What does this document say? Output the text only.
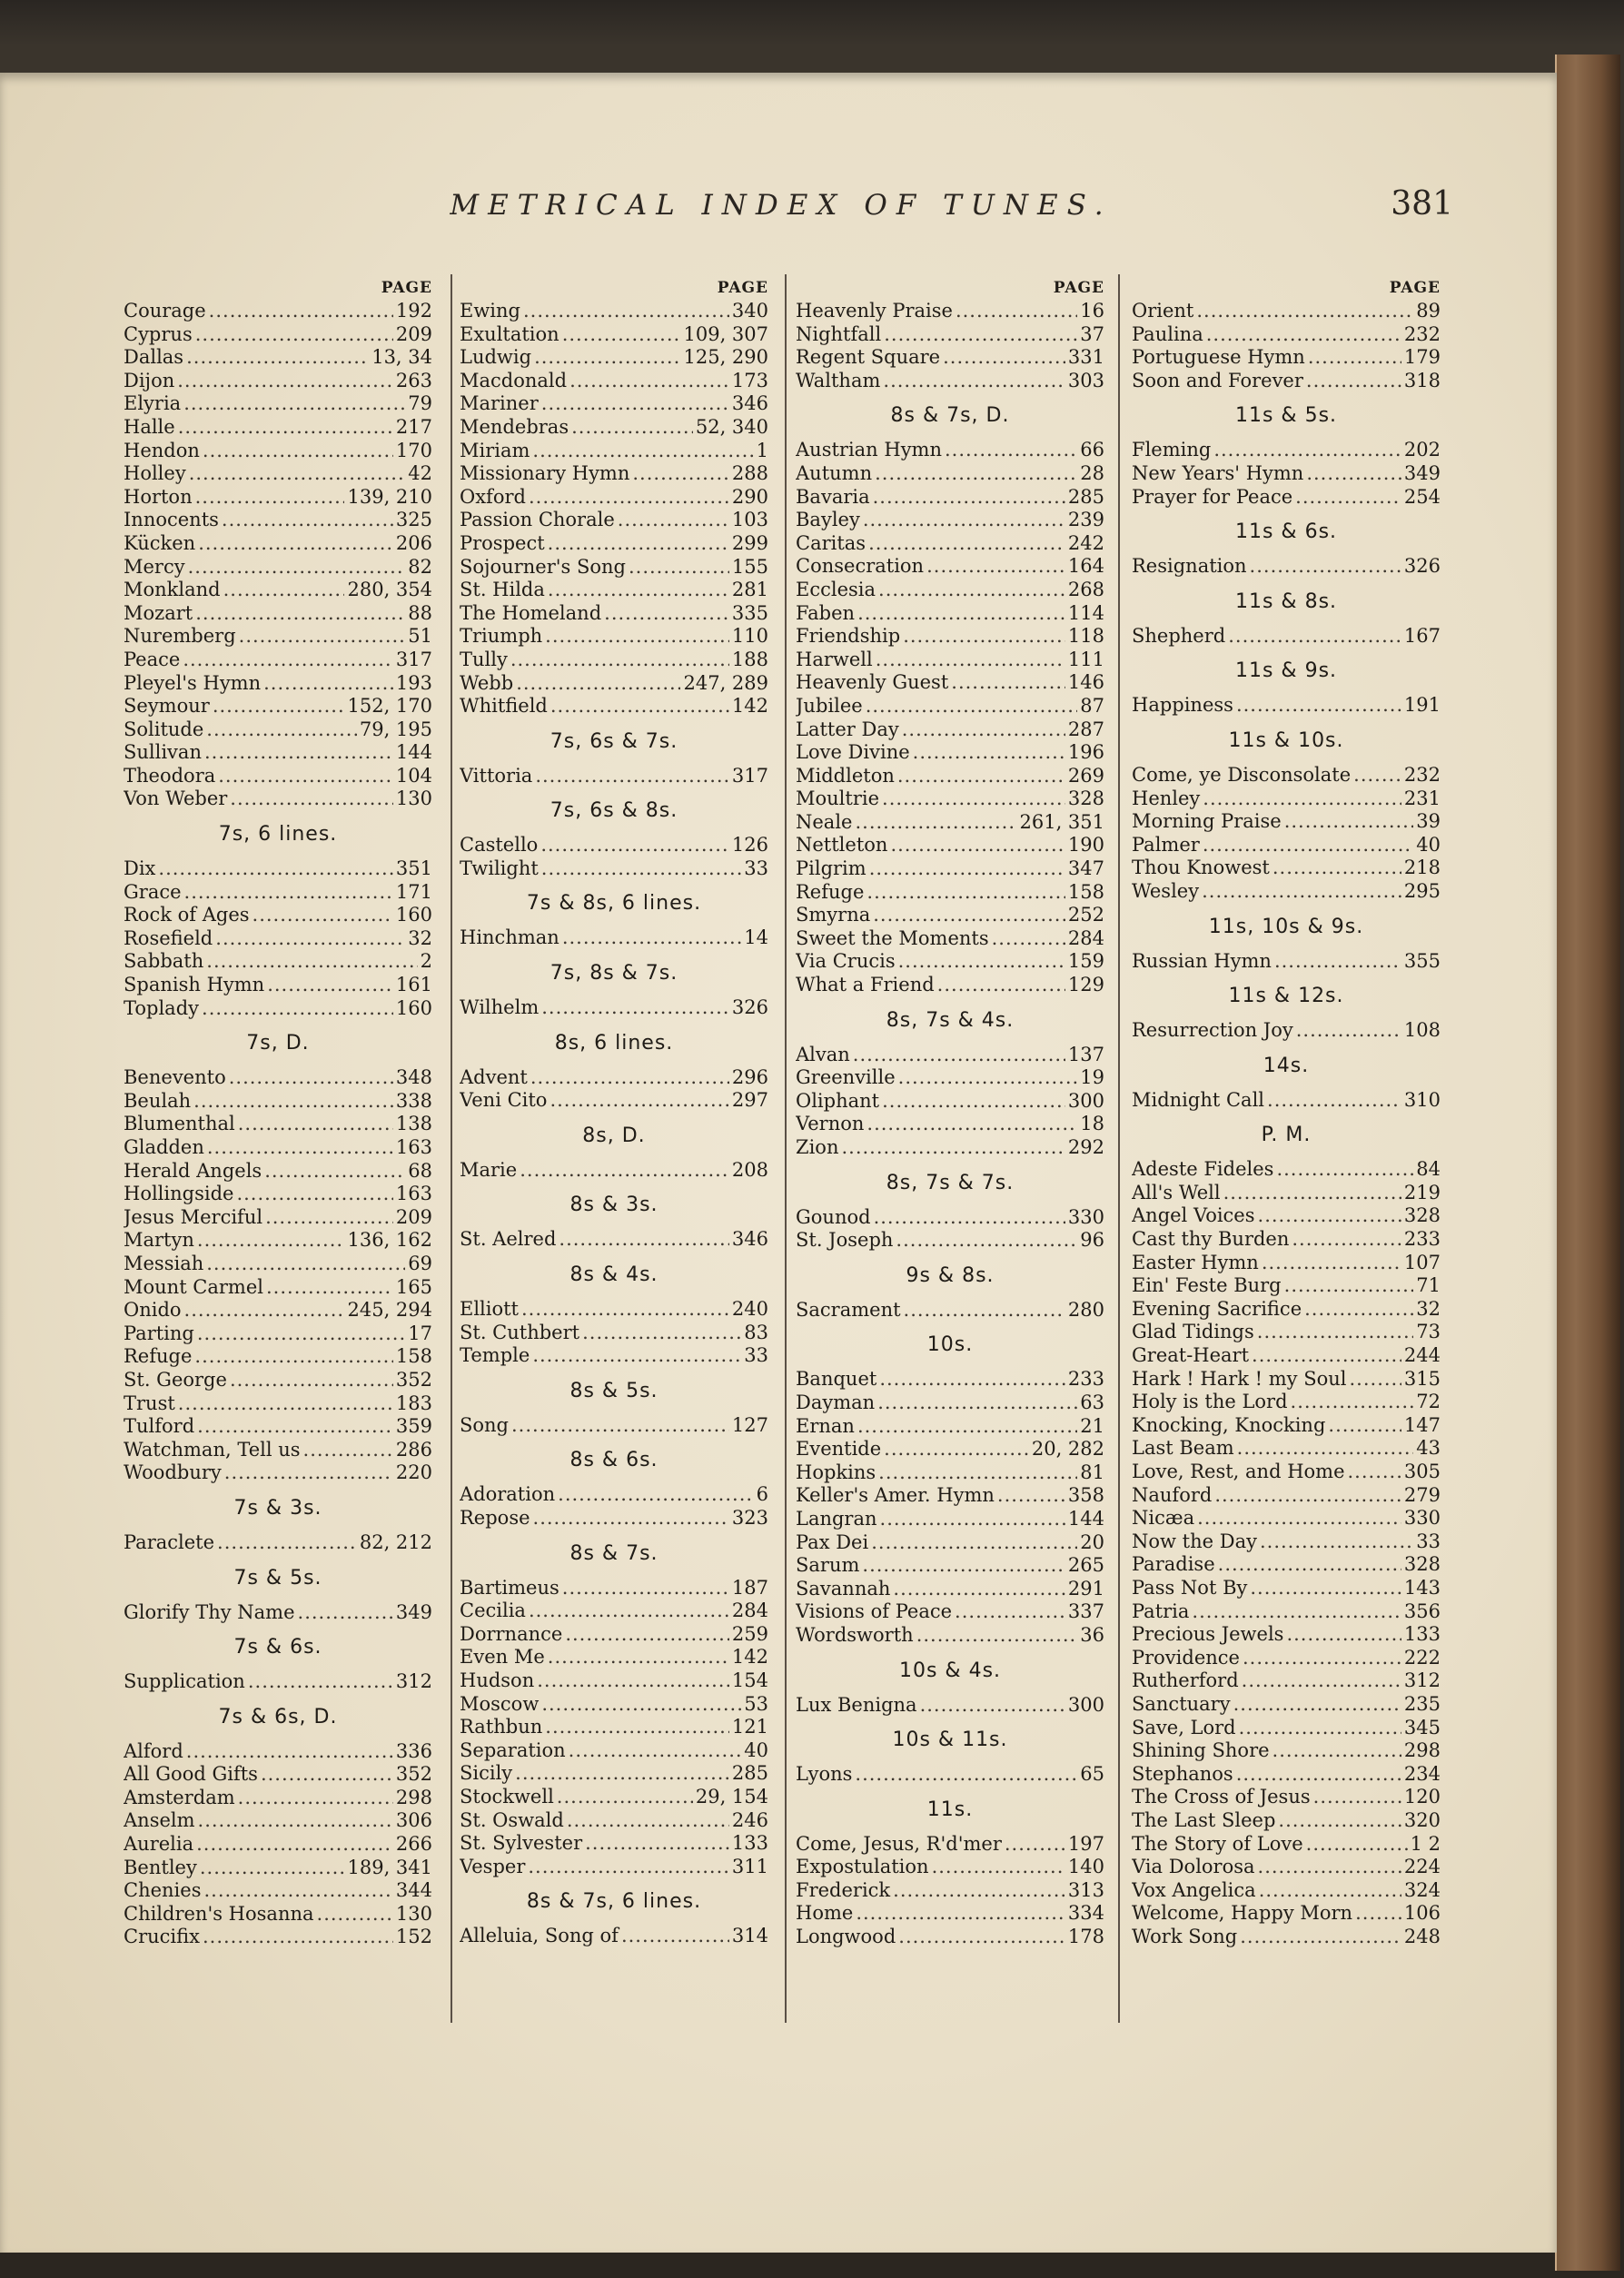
METRICAL INDEX OF TUNES.	381
PAGE
Courage .....	192
Cyprus .....	209
Dallas .....	13, 34
Dijon .....	263
Elyria .....	79
Halle .....	217
Hendon .....	170
Holley .....	42
Horton .....	139, 210
Innocents .....	325
Kücken .....	206
Mercy .....	82
Monkland .....	280, 354
Mozart .....	88
Nuremberg .....	51
Peace .....	317
Pleyel's Hymn .....	193
Seymour .....	152, 170
Solitude .....	79, 195
Sullivan .....	144
Theodora .....	104
Von Weber .....	130
7s, 6 lines.
Dix .....	351
Grace .....	171
Rock of Ages .....	160
Rosefield .....	32
Sabbath .....	2
Spanish Hymn .....	161
Toplady .....	160
7s, D.
Benevento .....	348
Beulah .....	338
Blumenthal .....	138
Gladden .....	163
Herald Angels .....	68
Hollingside .....	163
Jesus Merciful .....	209
Martyn .....	136, 162
Messiah .....	69
Mount Carmel .....	165
Onido .....	245, 294
Parting .....	17
Refuge .....	158
St. George .....	352
Trust .....	183
Tulford .....	359
Watchman, Tell us .....	286
Woodbury .....	220
7s & 3s.
Paraclete .....	82, 212
7s & 5s.
Glorify Thy Name .....	349
7s & 6s.
Supplication .....	312
7s & 6s, D.
Alford .....	336
All Good Gifts .....	352
Amsterdam .....	298
Anselm .....	306
Aurelia .....	266
Bentley .....	189, 341
Chenies .....	344
Children's Hosanna .....	130
Crucifix .....	152
PAGE
Ewing .....	340
Exultation .....	109, 307
Ludwig .....	125, 290
Macdonald .....	173
Mariner .....	346
Mendebras .....	52, 340
Miriam .....	1
Missionary Hymn .....	288
Oxford .....	290
Passion Chorale .....	103
Prospect .....	299
Sojourner's Song .....	155
St. Hilda .....	281
The Homeland .....	335
Triumph .....	110
Tully .....	188
Webb .....	247, 289
Whitfield .....	142
7s, 6s & 7s.
Vittoria .....	317
7s, 6s & 8s.
Castello .....	126
Twilight .....	33
7s & 8s, 6 lines.
Hinchman .....	14
7s, 8s & 7s.
Wilhelm .....	326
8s, 6 lines.
Advent .....	296
Veni Cito .....	297
8s, D.
Marie .....	208
8s & 3s.
St. Aelred .....	346
8s & 4s.
Elliott .....	240
St. Cuthbert .....	83
Temple .....	33
8s & 5s.
Song .....	127
8s & 6s.
Adoration .....	6
Repose .....	323
8s & 7s.
Bartimeus .....	187
Cecilia .....	284
Dorrnance .....	259
Even Me .....	142
Hudson .....	154
Moscow .....	53
Rathbun .....	121
Separation .....	40
Sicily .....	285
Stockwell .....	29, 154
St. Oswald .....	246
St. Sylvester .....	133
Vesper .....	311
8s & 7s, 6 lines.
Alleluia, Song of .....	314
PAGE
Heavenly Praise .....	16
Nightfall .....	37
Regent Square .....	331
Waltham .....	303
8s & 7s, D.
Austrian Hymn .....	66
Autumn .....	28
Bavaria .....	285
Bayley .....	239
Caritas .....	242
Consecration .....	164
Ecclesia .....	268
Faben .....	114
Friendship .....	118
Harwell .....	111
Heavenly Guest .....	146
Jubilee .....	87
Latter Day .....	287
Love Divine .....	196
Middleton .....	269
Moultrie .....	328
Neale .....	261, 351
Nettleton .....	190
Pilgrim .....	347
Refuge .....	158
Smyrna .....	252
Sweet the Moments .....	284
Via Crucis .....	159
What a Friend .....	129
8s, 7s & 4s.
Alvan .....	137
Greenville .....	19
Oliphant .....	300
Vernon .....	18
Zion .....	292
8s, 7s & 7s.
Gounod .....	330
St. Joseph .....	96
9s & 8s.
Sacrament .....	280
10s.
Banquet .....	233
Dayman .....	63
Ernan .....	21
Eventide .....	20, 282
Hopkins .....	81
Keller's Amer. Hymn .....	358
Langran .....	144
Pax Dei .....	20
Sarum .....	265
Savannah .....	291
Visions of Peace .....	337
Wordsworth .....	36
10s & 4s.
Lux Benigna .....	300
10s & 11s.
Lyons .....	65
11s.
Come, Jesus, R'd'mer .....	197
Expostulation .....	140
Frederick .....	313
Home .....	334
Longwood .....	178
PAGE
Orient .....	89
Paulina .....	232
Portuguese Hymn .....	179
Soon and Forever .....	318
11s & 5s.
Fleming .....	202
New Years' Hymn .....	349
Prayer for Peace .....	254
11s & 6s.
Resignation .....	326
11s & 8s.
Shepherd .....	167
11s & 9s.
Happiness .....	191
11s & 10s.
Come, ye Disconsolate .....	232
Henley .....	231
Morning Praise .....	39
Palmer .....	40
Thou Knowest .....	218
Wesley .....	295
11s, 10s & 9s.
Russian Hymn .....	355
11s & 12s.
Resurrection Joy .....	108
14s.
Midnight Call .....	310
P. M.
Adeste Fideles .....	84
All's Well .....	219
Angel Voices .....	328
Cast thy Burden .....	233
Easter Hymn .....	107
Ein' Feste Burg .....	71
Evening Sacrifice .....	32
Glad Tidings .....	73
Great-Heart .....	244
Hark ! Hark ! my Soul .....	315
Holy is the Lord .....	72
Knocking, Knocking .....	147
Last Beam .....	43
Love, Rest, and Home .....	305
Nauford .....	279
Nicæa .....	330
Now the Day .....	33
Paradise .....	328
Pass Not By .....	143
Patria .....	356
Precious Jewels .....	133
Providence .....	222
Rutherford .....	312
Sanctuary .....	235
Save, Lord .....	345
Shining Shore .....	298
Stephanos .....	234
The Cross of Jesus .....	120
The Last Sleep .....	320
The Story of Love .....	1 2
Via Dolorosa .....	224
Vox Angelica .....	324
Welcome, Happy Morn .....	106
Work Song .....	248
